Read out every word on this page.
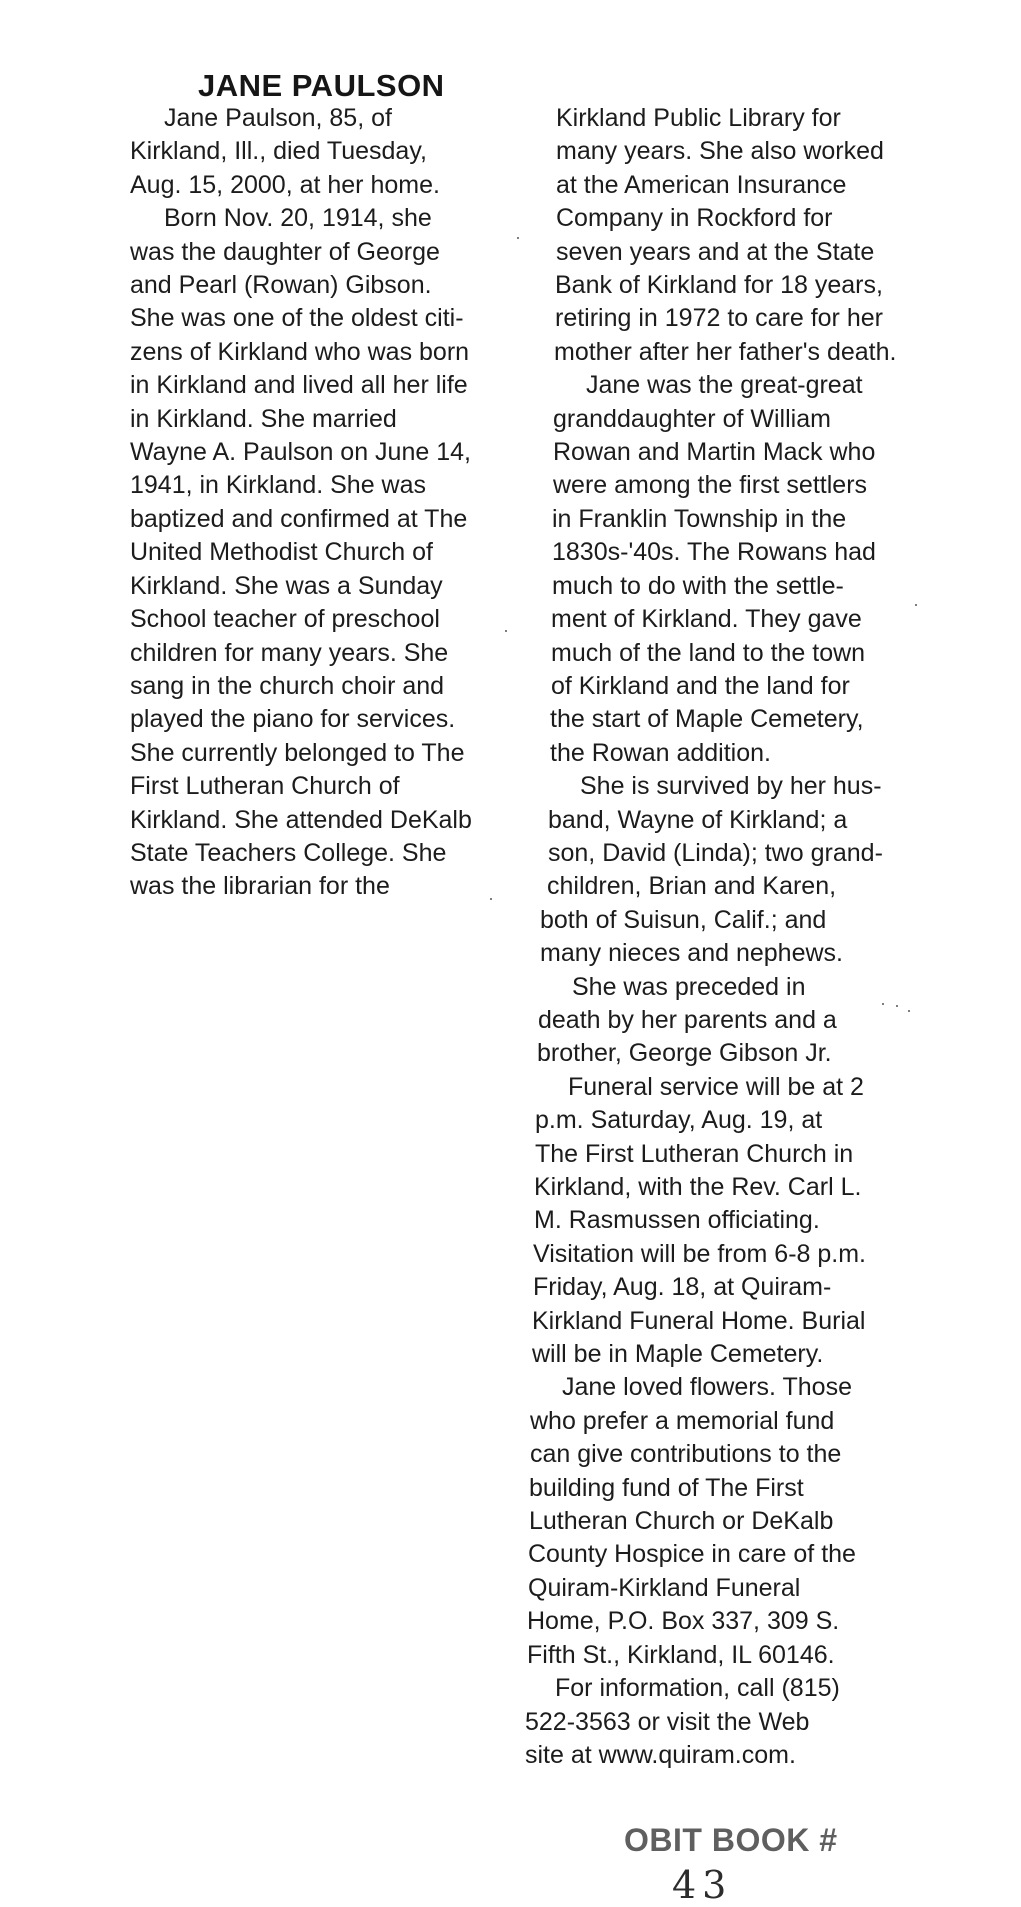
JANE PAULSON

Jane Paulson, 85, of

Kirkland, Ill., died Tuesday,

Aug. 15, 2000, at her home.

Born Nov. 20, 1914, she

was the daughter of George

and Pearl (Rowan) Gibson.

She was one of the oldest citi-

zens of Kirkland who was born

in Kirkland and lived all her life

in Kirkland. She married

Wayne A. Paulson on June 14,

1941, in Kirkland. She was

baptized and confirmed at The

United Methodist Church of

Kirkland. She was a Sunday

School teacher of preschool

children for many years. She

sang in the church choir and

played the piano for services.

She currently belonged to The

First Lutheran Church of

Kirkland. She attended DeKalb

State Teachers College. She

was the librarian for the

Kirkland Public Library for

many years. She also worked

at the American Insurance

Company in Rockford for

seven years and at the State

Bank of Kirkland for 18 years,

retiring in 1972 to care for her

mother after her father's death.

Jane was the great-great

granddaughter of William

Rowan and Martin Mack who

were among the first settlers

in Franklin Township in the

1830s-'40s. The Rowans had

much to do with the settle-

ment of Kirkland. They gave

much of the land to the town

of Kirkland and the land for

the start of Maple Cemetery,

the Rowan addition.

She is survived by her hus-

band, Wayne of Kirkland; a

son, David (Linda); two grand-

children, Brian and Karen,

both of Suisun, Calif.; and

many nieces and nephews.

She was preceded in

death by her parents and a

brother, George Gibson Jr.

Funeral service will be at 2

p.m. Saturday, Aug. 19, at

The First Lutheran Church in

Kirkland, with the Rev. Carl L.

M. Rasmussen officiating.

Visitation will be from 6-8 p.m.

Friday, Aug. 18, at Quiram-

Kirkland Funeral Home. Burial

will be in Maple Cemetery.

Jane loved flowers. Those

who prefer a memorial fund

can give contributions to the

building fund of The First

Lutheran Church or DeKalb

County Hospice in care of the

Quiram-Kirkland Funeral

Home, P.O. Box 337, 309 S.

Fifth St., Kirkland, IL 60146.

For information, call (815)

522-3563 or visit the Web

site at www.quiram.com.

OBIT BOOK #
43
